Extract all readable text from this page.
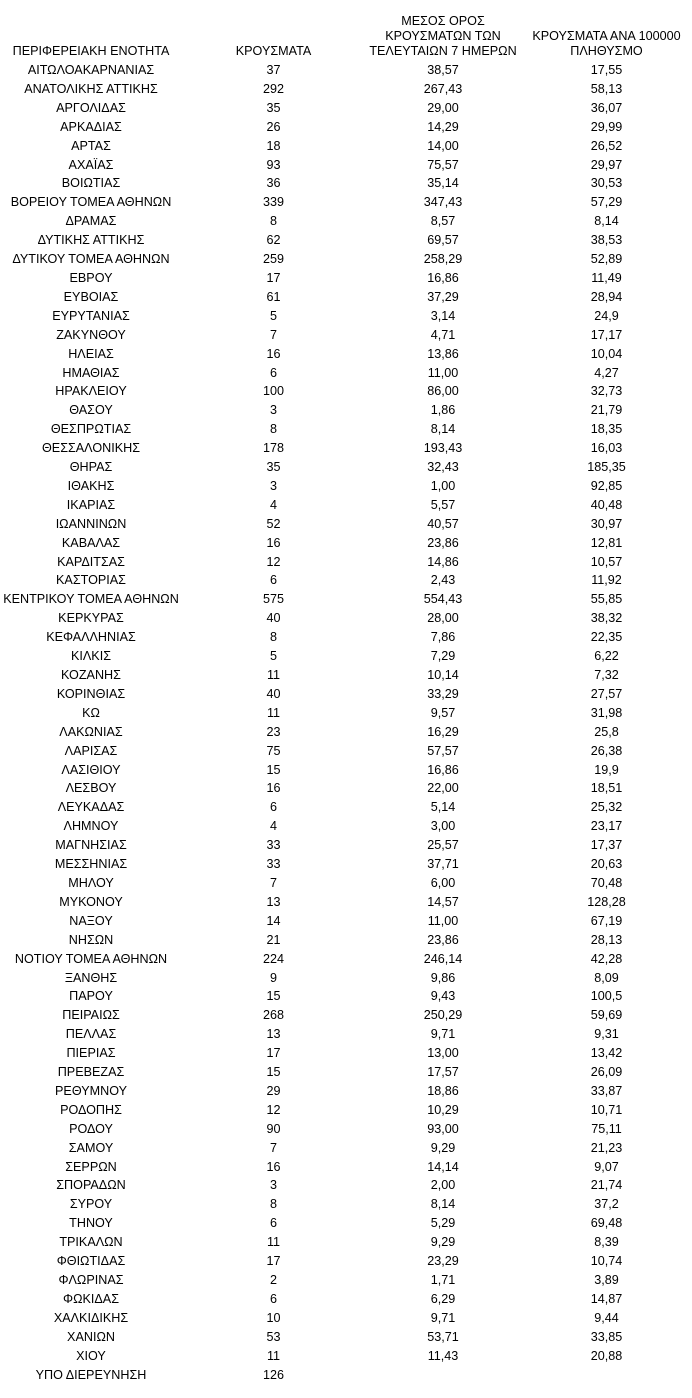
ΠΕΡΙΦΕΡΕΙΑΚΗ ΕΝΟΤΗΤΑ	ΚΡΟΥΣΜΑΤΑ	ΜΕΣΟΣ ΟΡΟΣ ΚΡΟΥΣΜΑΤΩΝ ΤΩΝ ΤΕΛΕΥΤΑΙΩΝ 7 ΗΜΕΡΩΝ	ΚΡΟΥΣΜΑΤΑ ΑΝΑ 100000 ΠΛΗΘΥΣΜΟ
ΑΙΤΩΛΟΑΚΑΡΝΑΝΙΑΣ	37	38,57	17,55
ΑΝΑΤΟΛΙΚΗΣ ΑΤΤΙΚΗΣ	292	267,43	58,13
ΑΡΓΟΛΙΔΑΣ	35	29,00	36,07
ΑΡΚΑΔΙΑΣ	26	14,29	29,99
ΑΡΤΑΣ	18	14,00	26,52
ΑΧΑΪΑΣ	93	75,57	29,97
ΒΟΙΩΤΙΑΣ	36	35,14	30,53
ΒΟΡΕΙΟΥ ΤΟΜΕΑ ΑΘΗΝΩΝ	339	347,43	57,29
ΔΡΑΜΑΣ	8	8,57	8,14
ΔΥΤΙΚΗΣ ΑΤΤΙΚΗΣ	62	69,57	38,53
ΔΥΤΙΚΟΥ ΤΟΜΕΑ ΑΘΗΝΩΝ	259	258,29	52,89
ΕΒΡΟΥ	17	16,86	11,49
ΕΥΒΟΙΑΣ	61	37,29	28,94
ΕΥΡΥΤΑΝΙΑΣ	5	3,14	24,9
ΖΑΚΥΝΘΟΥ	7	4,71	17,17
ΗΛΕΙΑΣ	16	13,86	10,04
ΗΜΑΘΙΑΣ	6	11,00	4,27
ΗΡΑΚΛΕΙΟΥ	100	86,00	32,73
ΘΑΣΟΥ	3	1,86	21,79
ΘΕΣΠΡΩΤΙΑΣ	8	8,14	18,35
ΘΕΣΣΑΛΟΝΙΚΗΣ	178	193,43	16,03
ΘΗΡΑΣ	35	32,43	185,35
ΙΘΑΚΗΣ	3	1,00	92,85
ΙΚΑΡΙΑΣ	4	5,57	40,48
ΙΩΑΝΝΙΝΩΝ	52	40,57	30,97
ΚΑΒΑΛΑΣ	16	23,86	12,81
ΚΑΡΔΙΤΣΑΣ	12	14,86	10,57
ΚΑΣΤΟΡΙΑΣ	6	2,43	11,92
ΚΕΝΤΡΙΚΟΥ ΤΟΜΕΑ ΑΘΗΝΩΝ	575	554,43	55,85
ΚΕΡΚΥΡΑΣ	40	28,00	38,32
ΚΕΦΑΛΛΗΝΙΑΣ	8	7,86	22,35
ΚΙΛΚΙΣ	5	7,29	6,22
ΚΟΖΑΝΗΣ	11	10,14	7,32
ΚΟΡΙΝΘΙΑΣ	40	33,29	27,57
ΚΩ	11	9,57	31,98
ΛΑΚΩΝΙΑΣ	23	16,29	25,8
ΛΑΡΙΣΑΣ	75	57,57	26,38
ΛΑΣΙΘΙΟΥ	15	16,86	19,9
ΛΕΣΒΟΥ	16	22,00	18,51
ΛΕΥΚΑΔΑΣ	6	5,14	25,32
ΛΗΜΝΟΥ	4	3,00	23,17
ΜΑΓΝΗΣΙΑΣ	33	25,57	17,37
ΜΕΣΣΗΝΙΑΣ	33	37,71	20,63
ΜΗΛΟΥ	7	6,00	70,48
ΜΥΚΟΝΟΥ	13	14,57	128,28
ΝΑΞΟΥ	14	11,00	67,19
ΝΗΣΩΝ	21	23,86	28,13
ΝΟΤΙΟΥ ΤΟΜΕΑ ΑΘΗΝΩΝ	224	246,14	42,28
ΞΑΝΘΗΣ	9	9,86	8,09
ΠΑΡΟΥ	15	9,43	100,5
ΠΕΙΡΑΙΩΣ	268	250,29	59,69
ΠΕΛΛΑΣ	13	9,71	9,31
ΠΙΕΡΙΑΣ	17	13,00	13,42
ΠΡΕΒΕΖΑΣ	15	17,57	26,09
ΡΕΘΥΜΝΟΥ	29	18,86	33,87
ΡΟΔΟΠΗΣ	12	10,29	10,71
ΡΟΔΟΥ	90	93,00	75,11
ΣΑΜΟΥ	7	9,29	21,23
ΣΕΡΡΩΝ	16	14,14	9,07
ΣΠΟΡΑΔΩΝ	3	2,00	21,74
ΣΥΡΟΥ	8	8,14	37,2
ΤΗΝΟΥ	6	5,29	69,48
ΤΡΙΚΑΛΩΝ	11	9,29	8,39
ΦΘΙΩΤΙΔΑΣ	17	23,29	10,74
ΦΛΩΡΙΝΑΣ	2	1,71	3,89
ΦΩΚΙΔΑΣ	6	6,29	14,87
ΧΑΛΚΙΔΙΚΗΣ	10	9,71	9,44
ΧΑΝΙΩΝ	53	53,71	33,85
ΧΙΟΥ	11	11,43	20,88
ΥΠΟ ΔΙΕΡΕΥΝΗΣΗ	126		
